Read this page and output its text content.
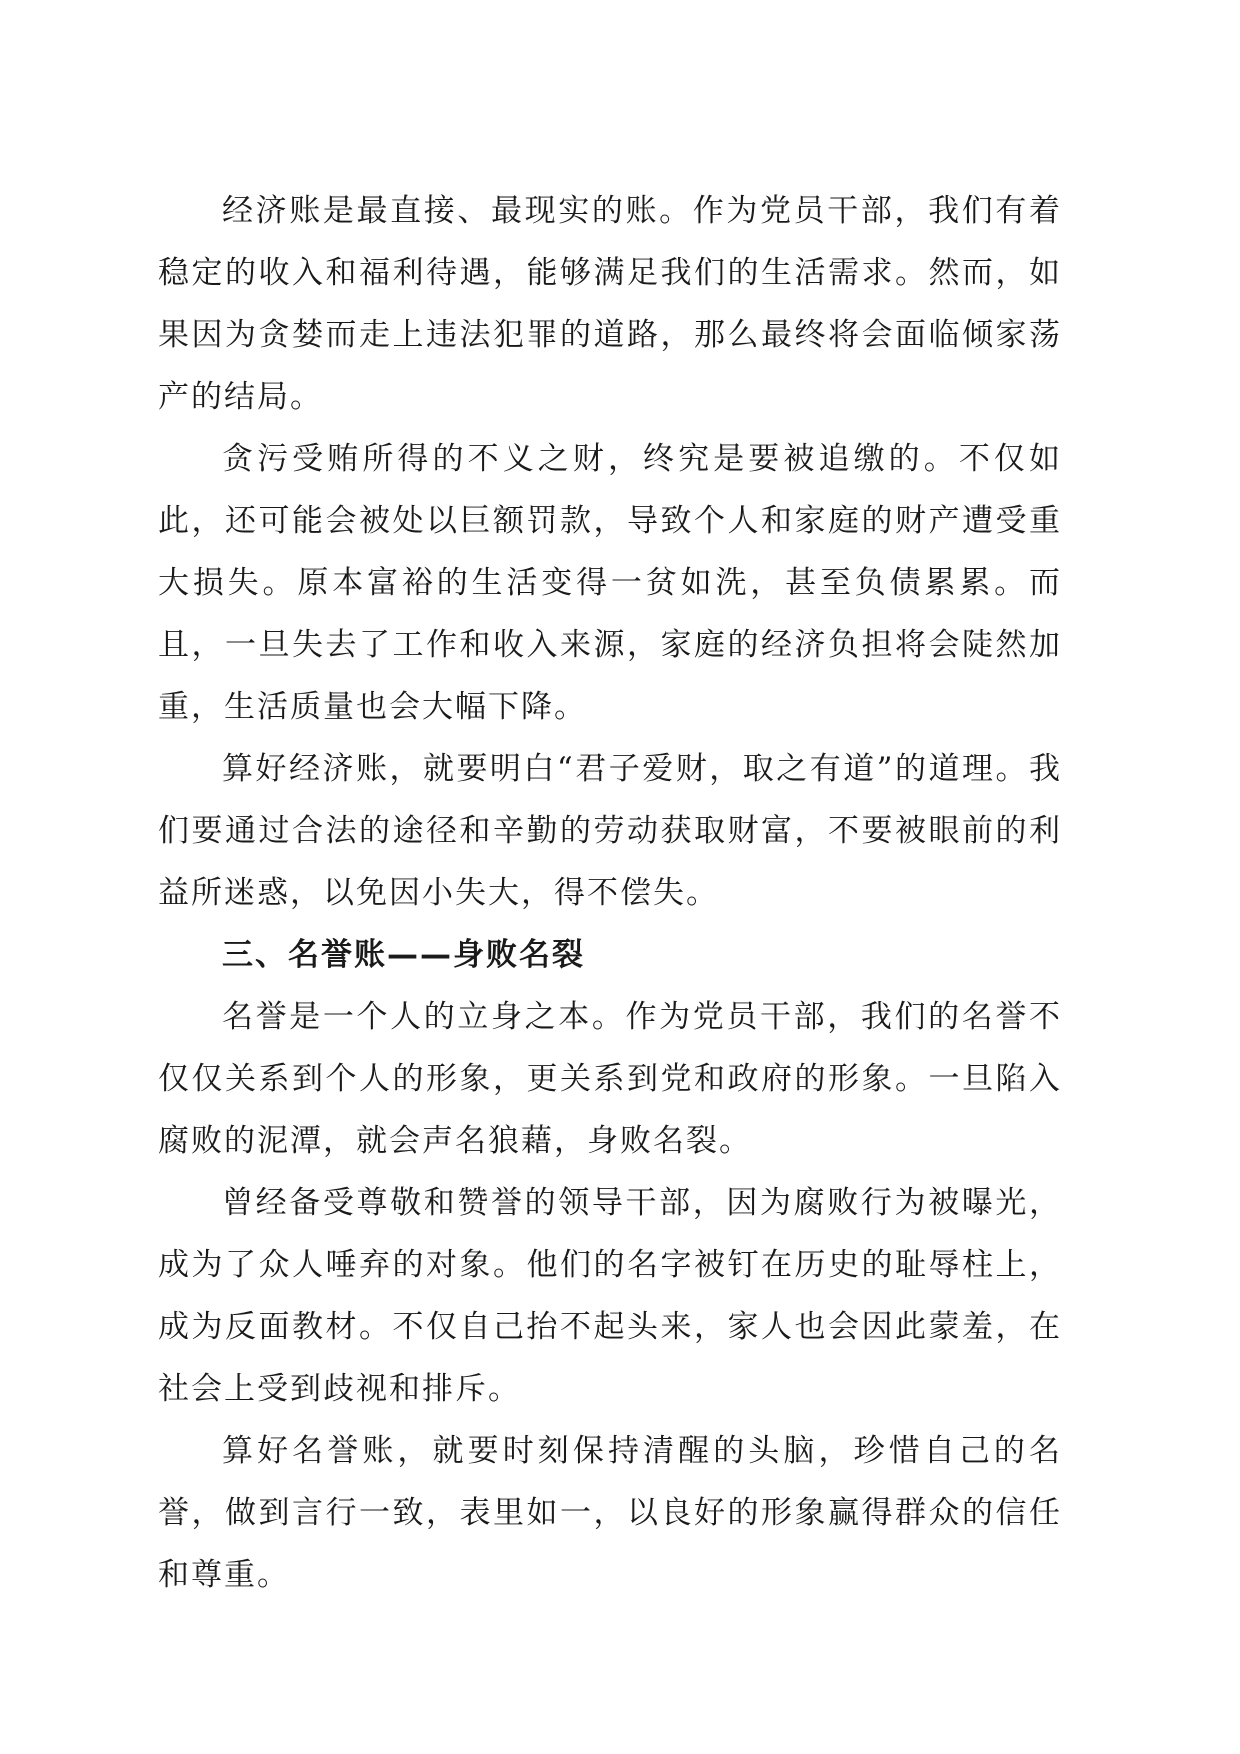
经济账是最直接、最现实的账。作为党员干部，我们有着稳定的收入和福利待遇，能够满足我们的生活需求。然而，如果因为贪婪而走上违法犯罪的道路，那么最终将会面临倾家荡产的结局。

贪污受贿所得的不义之财，终究是要被追缴的。不仅如此，还可能会被处以巨额罚款，导致个人和家庭的财产遭受重大损失。原本富裕的生活变得一贫如洗，甚至负债累累。而且，一旦失去了工作和收入来源，家庭的经济负担将会陡然加重，生活质量也会大幅下降。

算好经济账，就要明白“君子爱财，取之有道”的道理。我们要通过合法的途径和辛勤的劳动获取财富，不要被眼前的利益所迷惑，以免因小失大，得不偿失。

三、名誉账——身败名裂

名誉是一个人的立身之本。作为党员干部，我们的名誉不仅仅关系到个人的形象，更关系到党和政府的形象。一旦陷入腐败的泥潭，就会声名狼藉，身败名裂。

曾经备受尊敬和赞誉的领导干部，因为腐败行为被曝光，成为了众人唾弃的对象。他们的名字被钉在历史的耻辱柱上，成为反面教材。不仅自己抬不起头来，家人也会因此蒙羞，在社会上受到歧视和排斥。

算好名誉账，就要时刻保持清醒的头脑，珍惜自己的名誉，做到言行一致，表里如一，以良好的形象赢得群众的信任和尊重。
